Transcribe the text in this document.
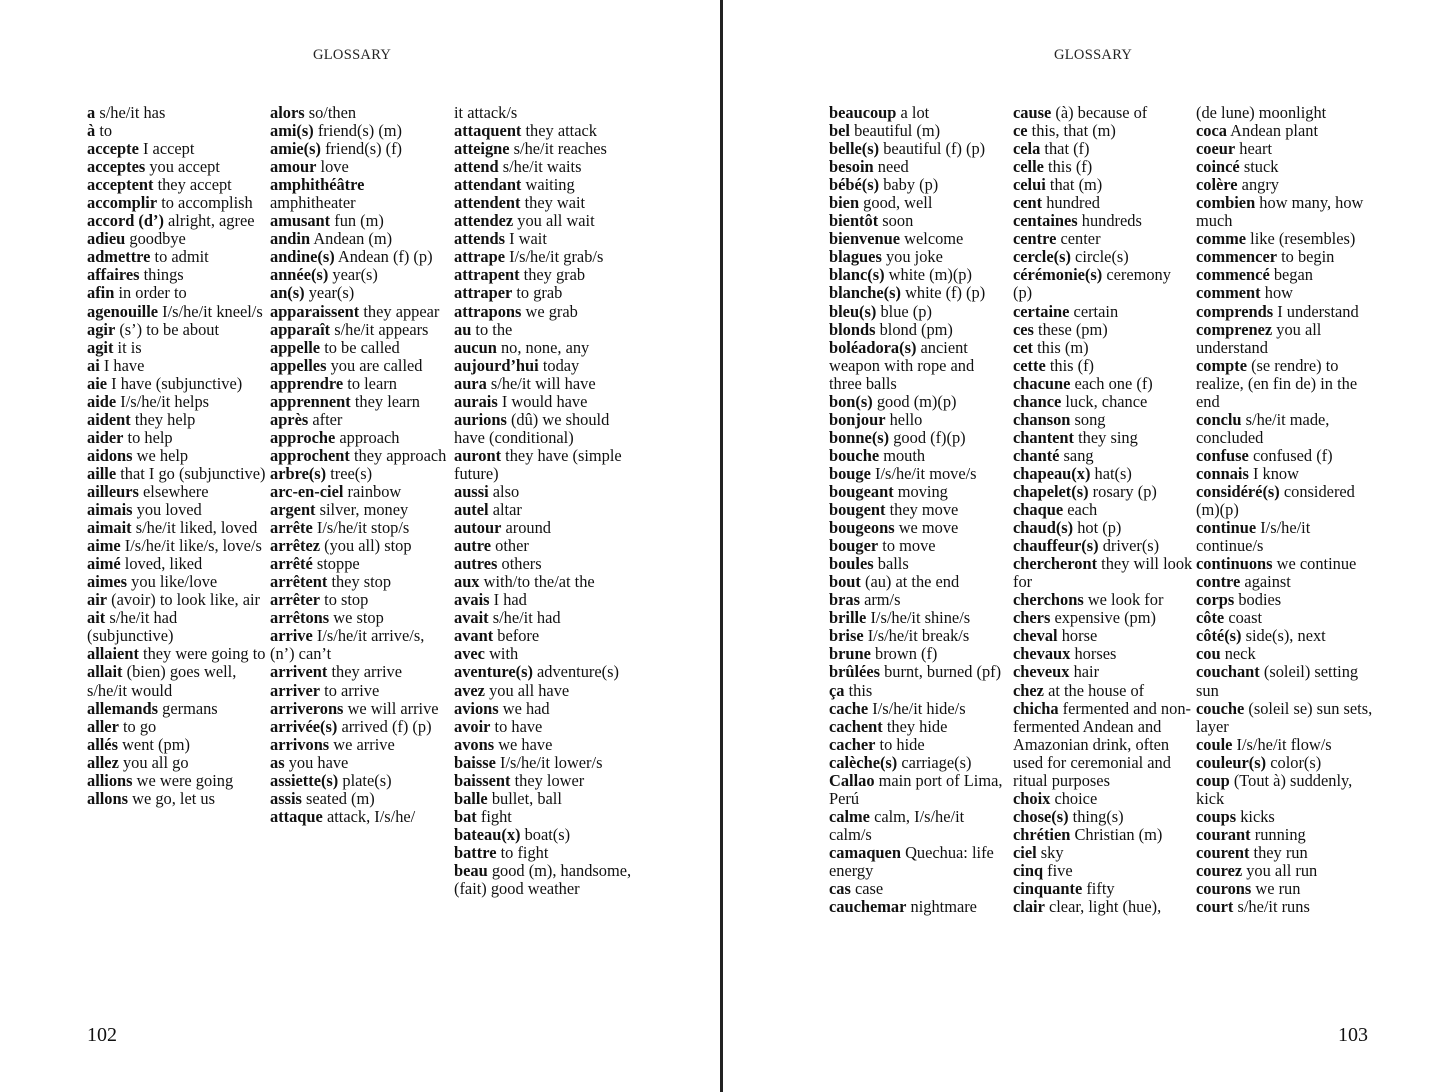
GLOSSARY
a s/he/it has
à to
accepte I accept
acceptes you accept
acceptent they accept
accomplir to accomplish
accord (d’) alright, agree
adieu goodbye
admettre to admit
affaires things
afin in order to
agenouille I/s/he/it kneel/s
agir (s’) to be about
agit it is
ai I have
aie I have (subjunctive)
aide I/s/he/it helps
aident they help
aider to help
aidons we help
aille that I go (subjunctive)
ailleurs elsewhere
aimais you loved
aimait s/he/it liked, loved
aime I/s/he/it like/s, love/s
aimé loved, liked
aimes you like/love
air (avoir) to look like, air
ait s/he/it had (subjunctive)
allaient they were going to
allait (bien) goes well, s/he/it would
allemands germans
aller to go
allés went (pm)
allez you all go
allions we were going
allons we go, let us
alors so/then
ami(s) friend(s) (m)
amie(s) friend(s) (f)
amour love
amphithéâtre amphitheater
amusant fun (m)
andin Andean (m)
andine(s) Andean (f) (p)
année(s) year(s)
an(s) year(s)
apparaissent they appear
apparaît s/he/it appears
appelle to be called
appelles you are called
apprendre to learn
apprennent they learn
après after
approche approach
approchent they approach
arbre(s) tree(s)
arc-en-ciel rainbow
argent silver, money
arrête I/s/he/it stop/s
arrêtez (you all) stop
arrêté stoppe
arrêtent they stop
arrêter to stop
arrêtons we stop
arrive I/s/he/it arrive/s, (n’) can’t
arrivent they arrive
arriver to arrive
arriverons we will arrive
arrivée(s) arrived (f) (p)
arrivons we arrive
as you have
assiette(s) plate(s)
assis seated (m)
attaque attack, I/s/he/
it attack/s
attaquent they attack
atteigne s/he/it reaches
attend s/he/it waits
attendant waiting
attendent they wait
attendez you all wait
attends I wait
attrape I/s/he/it grab/s
attrapent they grab
attraper to grab
attrapons we grab
au to the
aucun no, none, any
aujourd’hui today
aura s/he/it will have
aurais I would have
aurions (dû) we should have (conditional)
auront they have (simple future)
aussi also
autel altar
autour around
autre other
autres others
aux with/to the/at the
avais I had
avait s/he/it had
avant before
avec with
aventure(s) adventure(s)
avez you all have
avions we had
avoir to have
avons we have
baisse I/s/he/it lower/s
baissent they lower
balle bullet, ball
bat fight
bateau(x) boat(s)
battre to fight
beau good (m), handsome, (fait) good weather
102
GLOSSARY
beaucoup a lot
bel beautiful (m)
belle(s) beautiful (f) (p)
besoin need
bébé(s) baby (p)
bien good, well
bientôt soon
bienvenue welcome
blagues you joke
blanc(s) white (m)(p)
blanche(s) white (f) (p)
bleu(s) blue (p)
blonds blond (pm)
boléadora(s) ancient weapon with rope and three balls
bon(s) good (m)(p)
bonjour hello
bonne(s) good (f)(p)
bouche mouth
bouge I/s/he/it move/s
bougeant moving
bougent they move
bougeons we move
bouger to move
boules balls
bout (au) at the end
bras arm/s
brille I/s/he/it shine/s
brise I/s/he/it break/s
brune brown (f)
brûlées burnt, burned (pf)
ça this
cache I/s/he/it hide/s
cachent they hide
cacher to hide
calèche(s) carriage(s)
Callao main port of Lima, Perú
calme calm, I/s/he/it calm/s
camaquen Quechua: life energy
cas case
cauchemar nightmare
cause (à) because of
ce this, that (m)
cela that (f)
celle this (f)
celui that (m)
cent hundred
centaines hundreds
centre center
cercle(s) circle(s)
cérémonie(s) ceremony (p)
certaine certain
ces these (pm)
cet this (m)
cette this (f)
chacune each one (f)
chance luck, chance
chanson song
chantent they sing
chanté sang
chapeau(x) hat(s)
chapelet(s) rosary (p)
chaque each
chaud(s) hot (p)
chauffeur(s) driver(s)
chercheront they will look for
cherchons we look for
chers expensive (pm)
cheval horse
chevaux horses
cheveux hair
chez at the house of
chicha fermented and non-fermented Andean and Amazonian drink, often used for ceremonial and ritual purposes
choix choice
chose(s) thing(s)
chrétien Christian (m)
ciel sky
cinq five
cinquante fifty
clair clear, light (hue),
(de lune) moonlight
coca Andean plant
coeur heart
coincé stuck
colère angry
combien how many, how much
comme like (resembles)
commencer to begin
commencé began
comment how
comprends I understand
comprenez you all understand
compte (se rendre) to realize, (en fin de) in the end
conclu s/he/it made, concluded
confuse confused (f)
connais I know
considéré(s) considered (m)(p)
continue I/s/he/it continue/s
continuons we continue
contre against
corps bodies
côte coast
côté(s) side(s), next
cou neck
couchant (soleil) setting sun
couche (soleil se) sun sets, layer
coule I/s/he/it flow/s
couleur(s) color(s)
coup (Tout à) suddenly, kick
coups kicks
courant running
courent they run
courez you all run
courons we run
court s/he/it runs
103
